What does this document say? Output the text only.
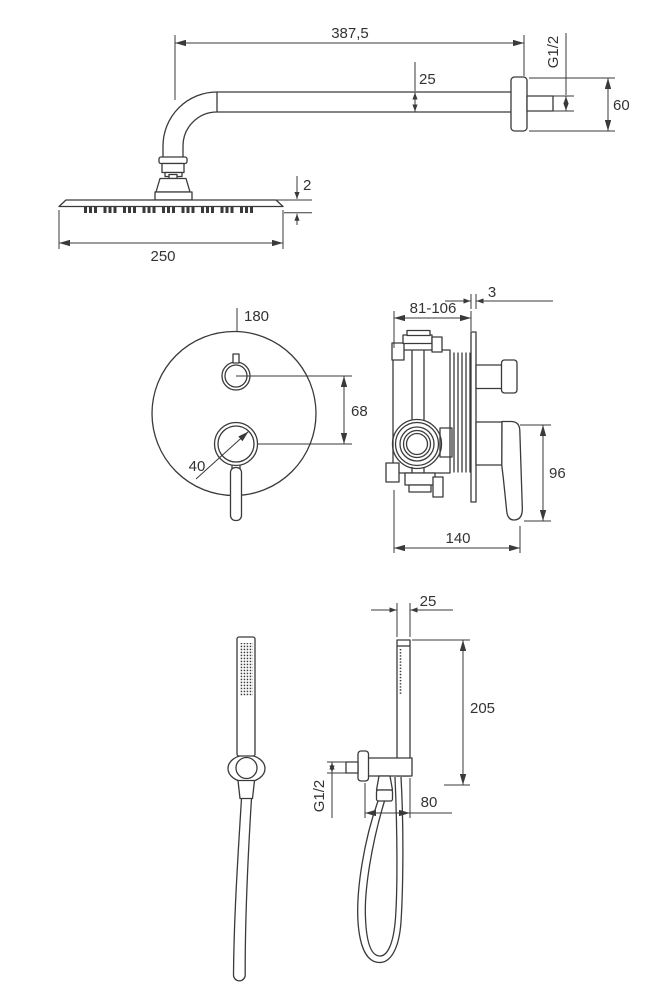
387,5
25
G1/2
60
2
250
180
68
40
81-106
3
96
140
25
205
G1/2	80
